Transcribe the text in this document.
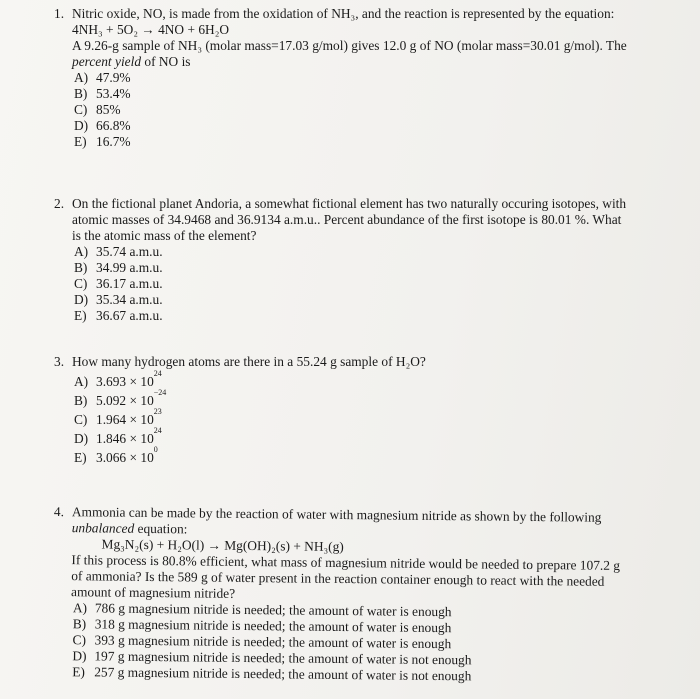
1. Nitric oxide, NO, is made from the oxidation of NH₃, and the reaction is represented by the equation:
4NH₃ + 5O₂ → 4NO + 6H₂O
A 9.26-g sample of NH₃ (molar mass=17.03 g/mol) gives 12.0 g of NO (molar mass=30.01 g/mol). The
percent yield of NO is
A) 47.9%
B) 53.4%
C) 85%
D) 66.8%
E) 16.7%
2. On the fictional planet Andoria, a somewhat fictional element has two naturally occuring isotopes, with
atomic masses of 34.9468 and 36.9134 a.m.u.. Percent abundance of the first isotope is 80.01 %. What
is the atomic mass of the element?
A) 35.74 a.m.u.
B) 34.99 a.m.u.
C) 36.17 a.m.u.
D) 35.34 a.m.u.
E) 36.67 a.m.u.
3. How many hydrogen atoms are there in a 55.24 g sample of H₂O?
A) 3.693 × 10
24
B) 5.092 × 10
−24
C) 1.964 × 10
23
D) 1.846 × 10
24
E) 3.066 × 10
0
4. Ammonia can be made by the reaction of water with magnesium nitride as shown by the following
unbalanced equation:
Mg₃N₂(s) + H₂O(l) → Mg(OH)₂(s) + NH₃(g)
If this process is 80.8% efficient, what mass of magnesium nitride would be needed to prepare 107.2 g
of ammonia? Is the 589 g of water present in the reaction container enough to react with the needed
amount of magnesium nitride?
A) 786 g magnesium nitride is needed; the amount of water is enough
B) 318 g magnesium nitride is needed; the amount of water is enough
C) 393 g magnesium nitride is needed; the amount of water is enough
D) 197 g magnesium nitride is needed; the amount of water is not enough
E) 257 g magnesium nitride is needed; the amount of water is not enough
